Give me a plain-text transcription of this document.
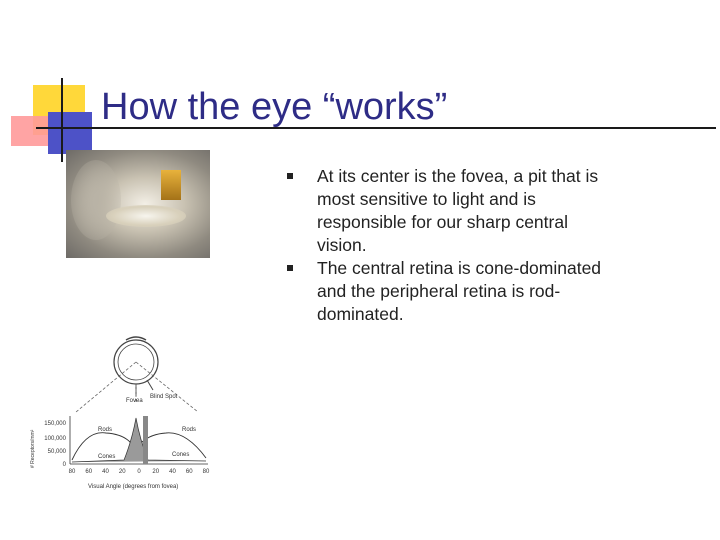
How the eye “works”
At its center is the fovea, a pit that is most sensitive to light and is responsible for our sharp central vision.
The central retina is cone-dominated and the peripheral retina is rod-dominated.
Fovea
Blind Spot
Rods	Rods
Cones	Cones
# Receptors/mm²
150,000
100,000
50,000
0
80 60 40 20 0 20 40 60 80
Visual Angle (degrees from fovea)
